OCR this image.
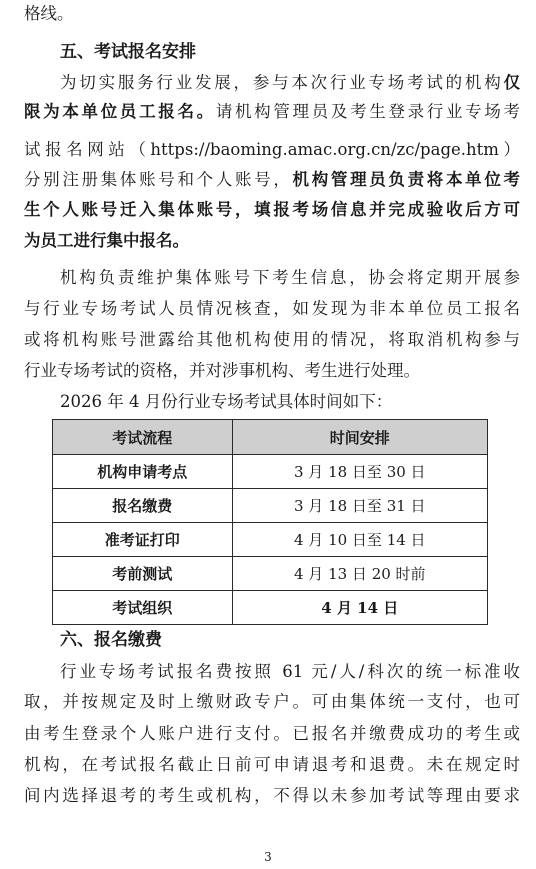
格线。
五、考试报名安排
为切实服务行业发展，参与本次行业专场考试的机构仅
限为本单位员工报名。请机构管理员及考生登录行业专场考
试报名网站（https://baoming.amac.org.cn/zc/page.htm）
分别注册集体账号和个人账号，机构管理员负责将本单位考
生个人账号迁入集体账号，填报考场信息并完成验收后方可
为员工进行集中报名。
机构负责维护集体账号下考生信息，协会将定期开展参
与行业专场考试人员情况核查，如发现为非本单位员工报名
或将机构账号泄露给其他机构使用的情况，将取消机构参与
行业专场考试的资格，并对涉事机构、考生进行处理。
2026 年 4 月份行业专场考试具体时间如下：
考试流程	时间安排
机构申请考点	3 月 18 日至 30 日
报名缴费	3 月 18 日至 31 日
准考证打印	4 月 10 日至 14 日
考前测试	4 月 13 日 20 时前
考试组织	4 月 14 日
六、报名缴费
行业专场考试报名费按照 61 元/人/科次的统一标准收
取，并按规定及时上缴财政专户。可由集体统一支付，也可
由考生登录个人账户进行支付。已报名并缴费成功的考生或
机构，在考试报名截止日前可申请退考和退费。未在规定时
间内选择退考的考生或机构，不得以未参加考试等理由要求
3
